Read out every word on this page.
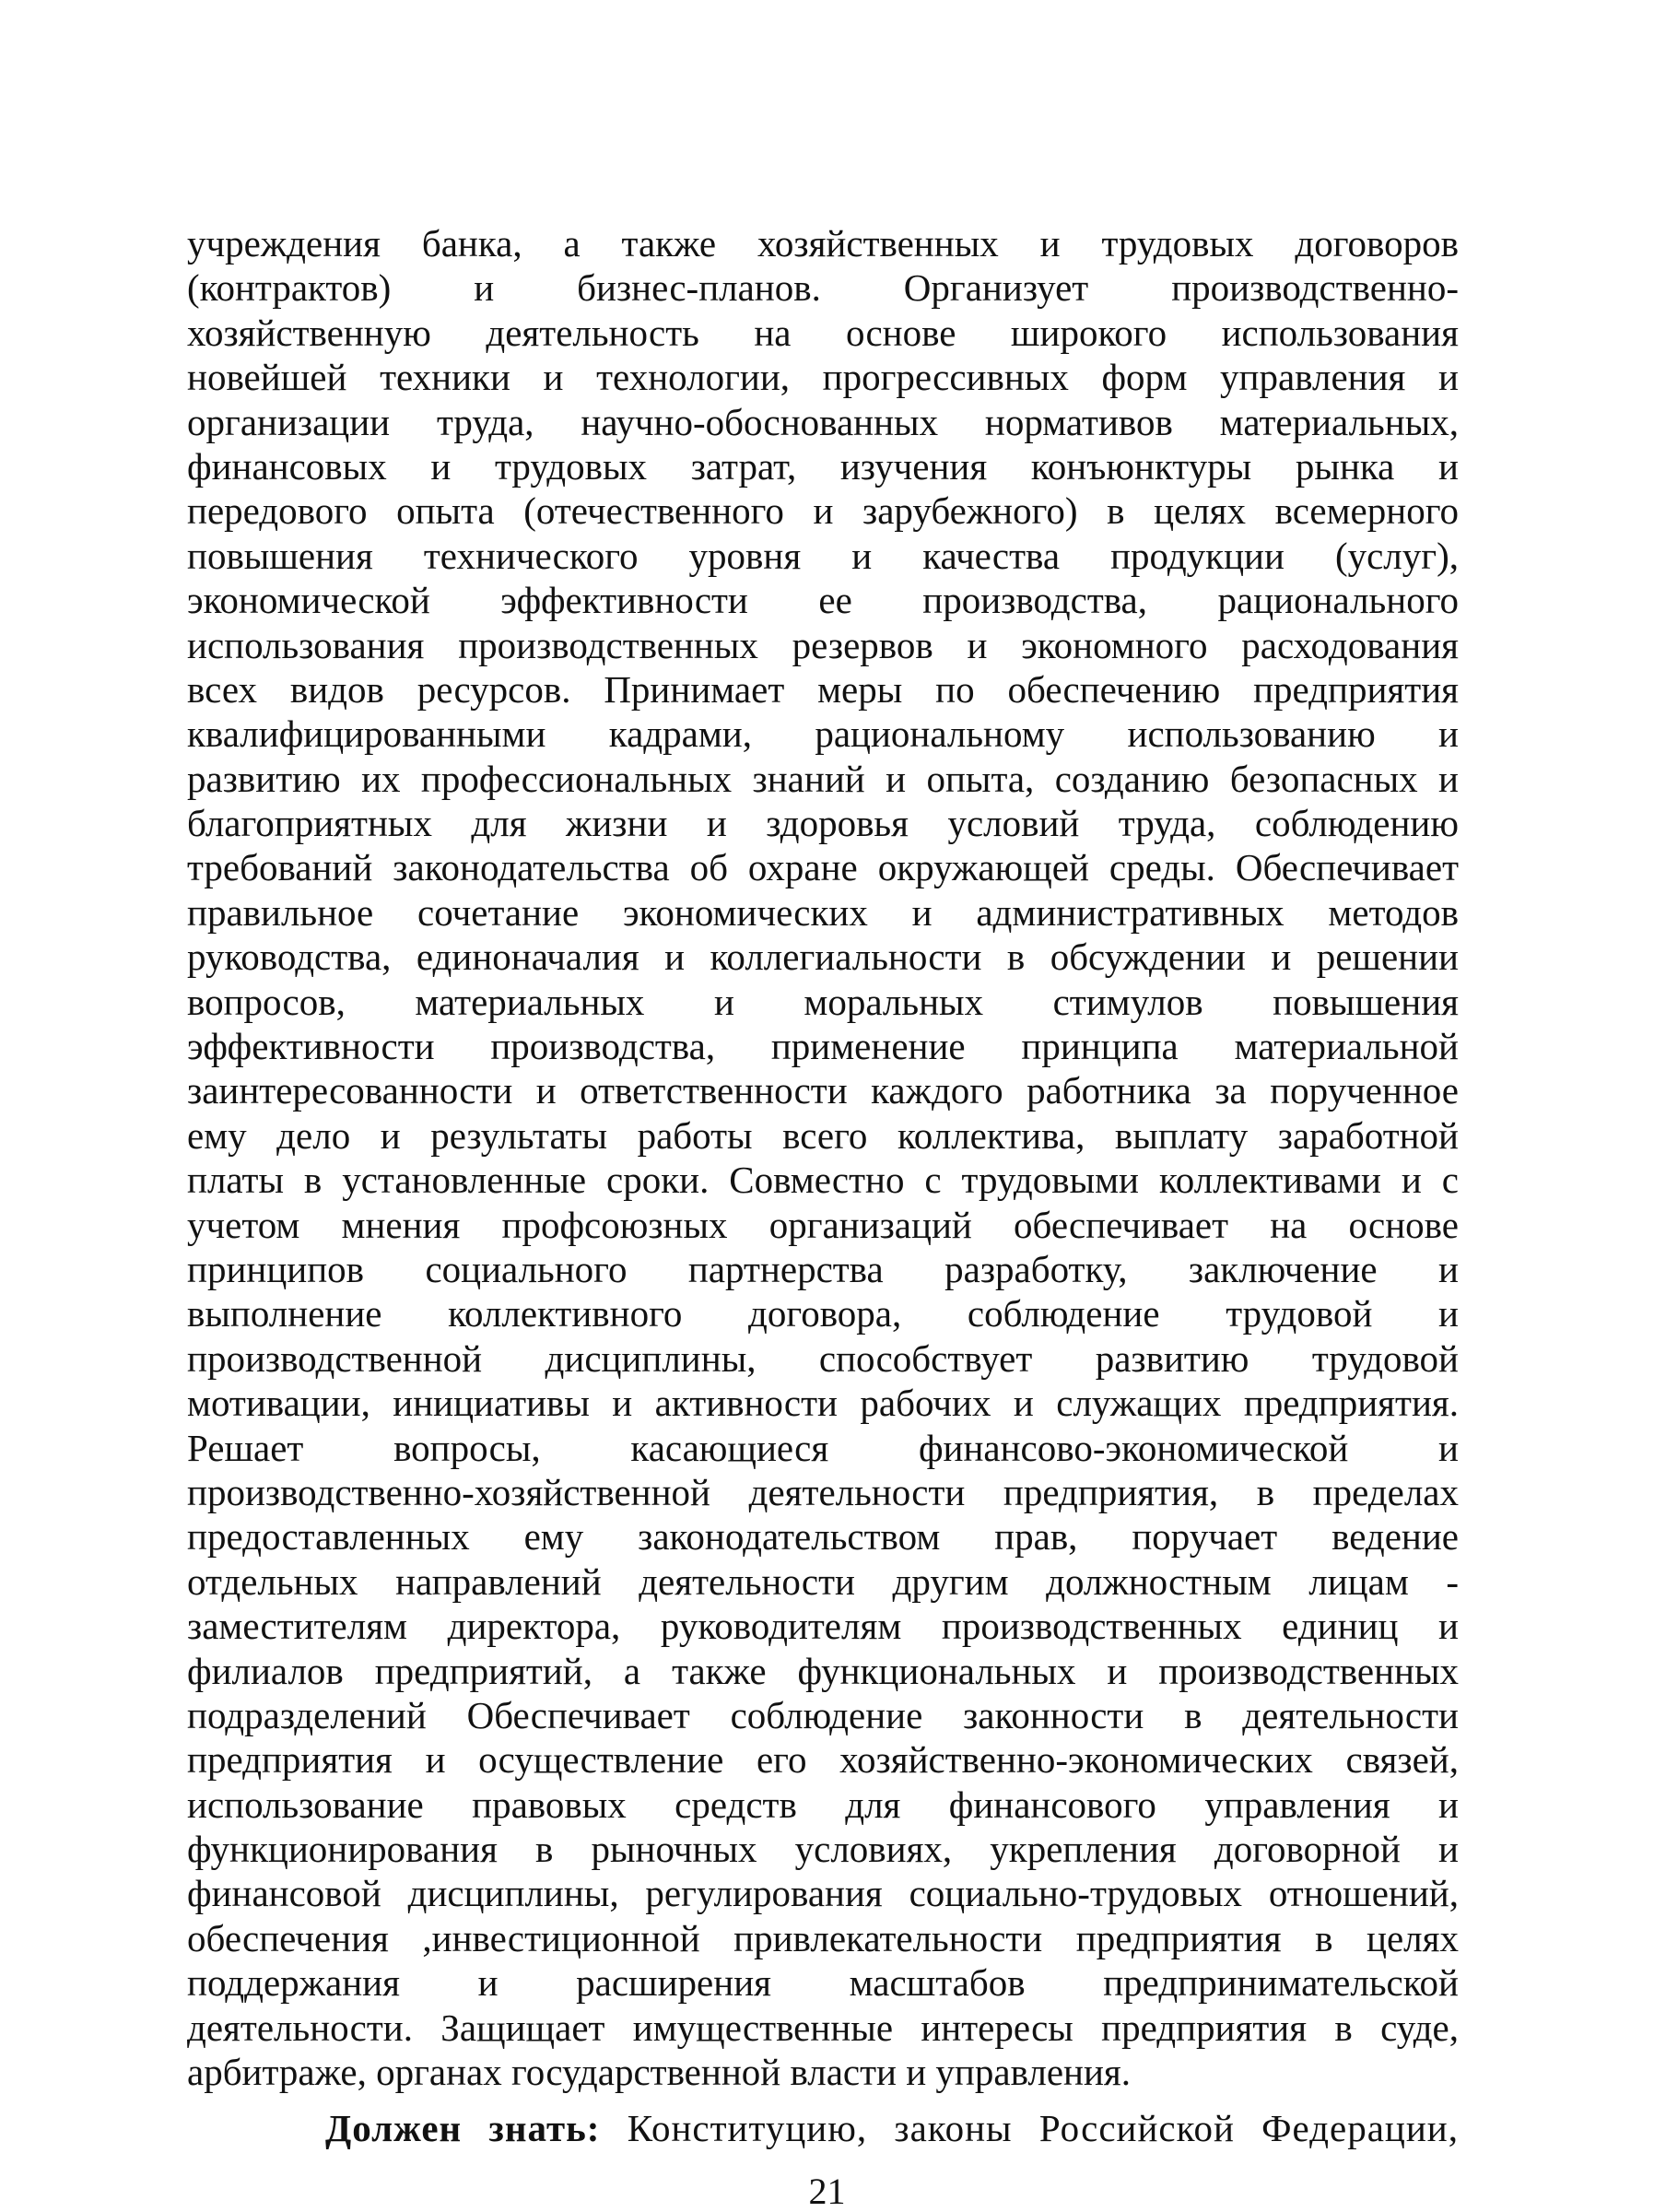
учреждения банка, а также хозяйственных и трудовых договоров
(контрактов) и бизнес-планов. Организует производственно-
хозяйственную деятельность на основе широкого использования
новейшей техники и технологии, прогрессивных форм управления и
организации труда, научно-обоснованных нормативов материальных,
финансовых и трудовых затрат, изучения конъюнктуры рынка и
передового опыта (отечественного и зарубежного) в целях всемерного
повышения технического уровня и качества продукции (услуг),
экономической эффективности ее производства, рационального
использования производственных резервов и экономного расходования
всех видов ресурсов. Принимает меры по обеспечению предприятия
квалифицированными кадрами, рациональному использованию и
развитию их профессиональных знаний и опыта, созданию безопасных и
благоприятных для жизни и здоровья условий труда, соблюдению
требований законодательства об охране окружающей среды. Обеспечивает
правильное сочетание экономических и административных методов
руководства, единоначалия и коллегиальности в обсуждении и решении
вопросов, материальных и моральных стимулов повышения
эффективности производства, применение принципа материальной
заинтересованности и ответственности каждого работника за порученное
ему дело и результаты работы всего коллектива, выплату заработной
платы в установленные сроки. Совместно с трудовыми коллективами и с
учетом мнения профсоюзных организаций обеспечивает на основе
принципов социального партнерства разработку, заключение и
выполнение коллективного договора, соблюдение трудовой и
производственной дисциплины, способствует развитию трудовой
мотивации, инициативы и активности рабочих и служащих предприятия.
Решает вопросы, касающиеся финансово-экономической и
производственно-хозяйственной деятельности предприятия, в пределах
предоставленных ему законодательством прав, поручает ведение
отдельных направлений деятельности другим должностным лицам -
заместителям директора, руководителям производственных единиц и
филиалов предприятий, а также функциональных и производственных
подразделений Обеспечивает соблюдение законности в деятельности
предприятия и осуществление его хозяйственно-экономических связей,
использование правовых средств для финансового управления и
функционирования в рыночных условиях, укрепления договорной и
финансовой дисциплины, регулирования социально-трудовых отношений,
обеспечения ,инвестиционной привлекательности предприятия в целях
поддержания и расширения масштабов предпринимательской
деятельности. Защищает имущественные интересы предприятия в суде,
арбитраже, органах государственной власти и управления.
Должен знать: Конституцию, законы Российской Федерации,
21
